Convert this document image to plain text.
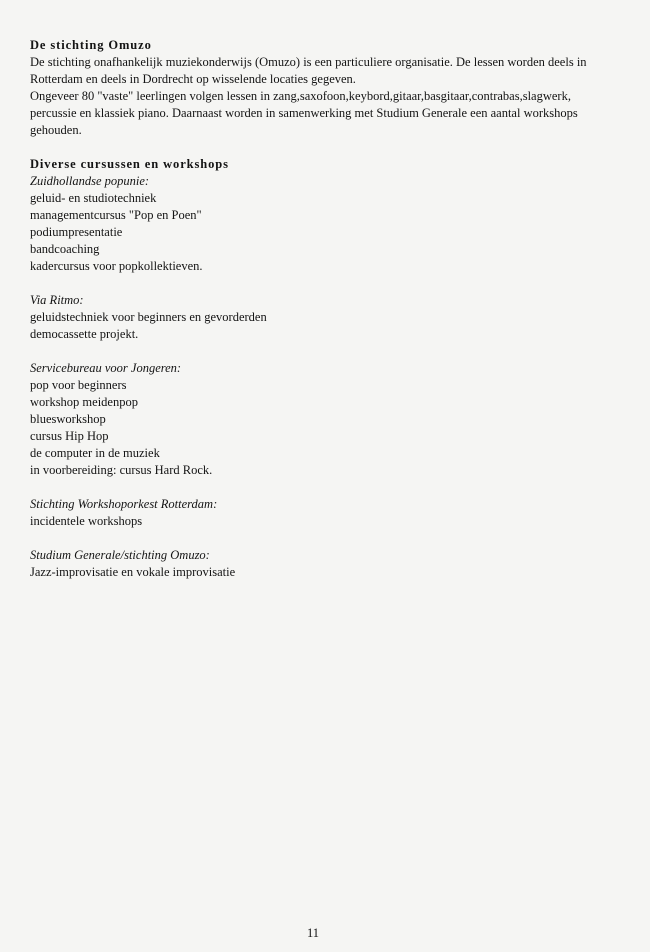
De stichting Omuzo
De stichting onafhankelijk muziekonderwijs (Omuzo) is een particuliere organisatie. De lessen worden deels in
Rotterdam en deels in Dordrecht op wisselende locaties gegeven.
Ongeveer 80 "vaste" leerlingen volgen lessen in zang,saxofoon,keybord,gitaar,basgitaar,contrabas,slagwerk,
percussie en klassiek piano. Daarnaast worden in samenwerking met Studium Generale een aantal workshops
gehouden.
Diverse cursussen en workshops
Zuidhollandse popunie:
geluid- en studiotechniek
managementcursus "Pop en Poen"
podiumpresentatie
bandcoaching
kadercursus voor popkollektieven.
Via Ritmo:
geluidstechniek voor beginners en gevorderden
democassette projekt.
Servicebureau voor Jongeren:
pop voor beginners
workshop meidenpop
bluesworkshop
cursus Hip Hop
de computer in de muziek
in voorbereiding: cursus Hard Rock.
Stichting Workshoporkest Rotterdam:
incidentele workshops
Studium Generale/stichting Omuzo:
Jazz-improvisatie en vokale improvisatie
11
